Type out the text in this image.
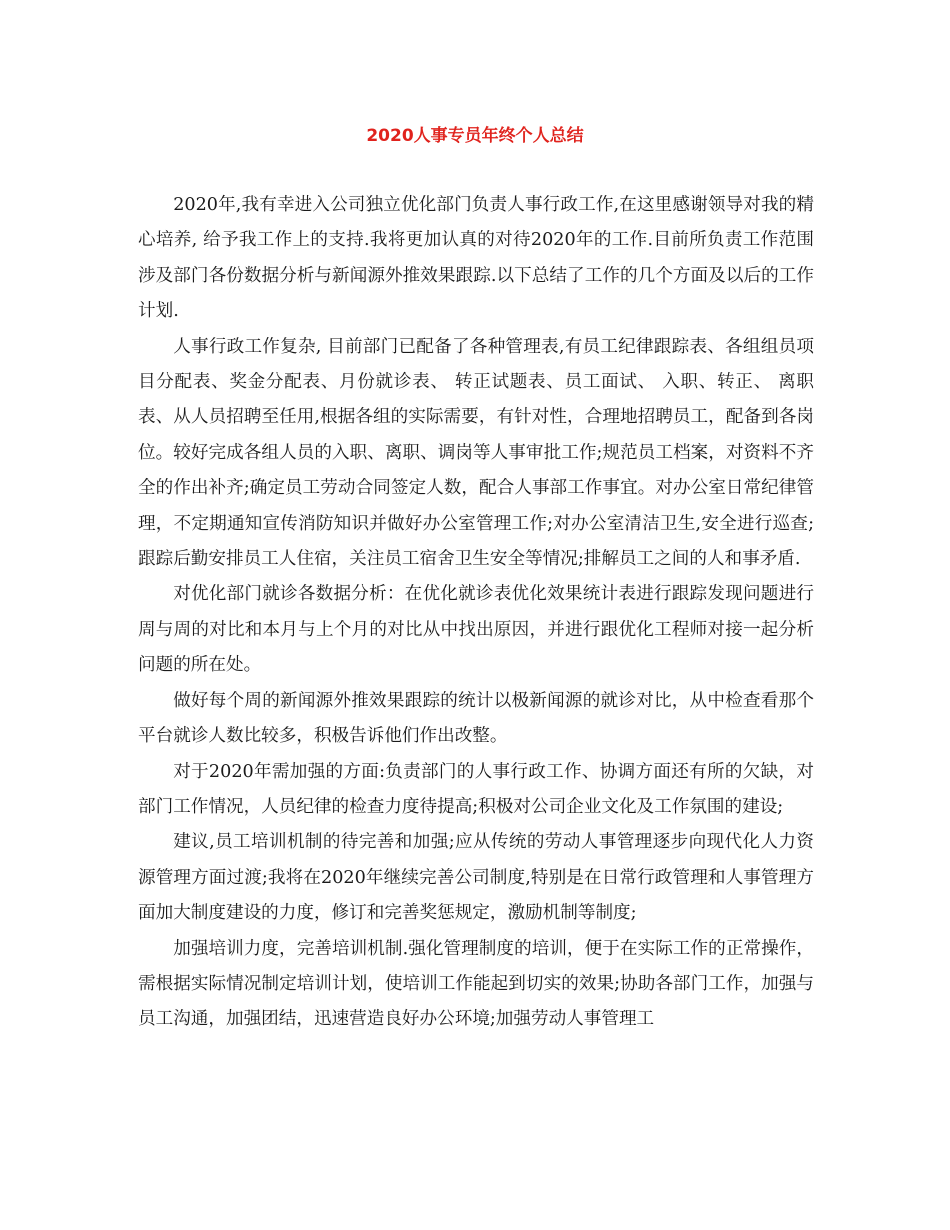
2020人事专员年终个人总结

2020年,我有幸进入公司独立优化部门负责人事行政工作,在这里感谢领导对我的精心培养, 给予我工作上的支持.我将更加认真的对待2020年的工作.目前所负责工作范围涉及部门各份数据分析与新闻源外推效果跟踪.以下总结了工作的几个方面及以后的工作计划.

人事行政工作复杂, 目前部门已配备了各种管理表,有员工纪律跟踪表、各组组员项目分配表、奖金分配表、月份就诊表、 转正试题表、员工面试、 入职、转正、 离职表、从人员招聘至任用,根据各组的实际需要，有针对性，合理地招聘员工，配备到各岗位。较好完成各组人员的入职、离职、调岗等人事审批工作;规范员工档案，对资料不齐全的作出补齐;确定员工劳动合同签定人数，配合人事部工作事宜。对办公室日常纪律管理，不定期通知宣传消防知识并做好办公室管理工作;对办公室清洁卫生,安全进行巡查;跟踪后勤安排员工人住宿，关注员工宿舍卫生安全等情况;排解员工之间的人和事矛盾.

对优化部门就诊各数据分析：在优化就诊表优化效果统计表进行跟踪发现问题进行周与周的对比和本月与上个月的对比从中找出原因，并进行跟优化工程师对接一起分析问题的所在处。

做好每个周的新闻源外推效果跟踪的统计以极新闻源的就诊对比，从中检查看那个平台就诊人数比较多，积极告诉他们作出改整。

对于2020年需加强的方面:负责部门的人事行政工作、协调方面还有所的欠缺，对部门工作情况，人员纪律的检查力度待提高;积极对公司企业文化及工作氛围的建设;

建议,员工培训机制的待完善和加强;应从传统的劳动人事管理逐步向现代化人力资源管理方面过渡;我将在2020年继续完善公司制度,特别是在日常行政管理和人事管理方面加大制度建设的力度，修订和完善奖惩规定，激励机制等制度;

加强培训力度，完善培训机制.强化管理制度的培训，便于在实际工作的正常操作，需根据实际情况制定培训计划，使培训工作能起到切实的效果;协助各部门工作，加强与员工沟通，加强团结，迅速营造良好办公环境;加强劳动人事管理工
